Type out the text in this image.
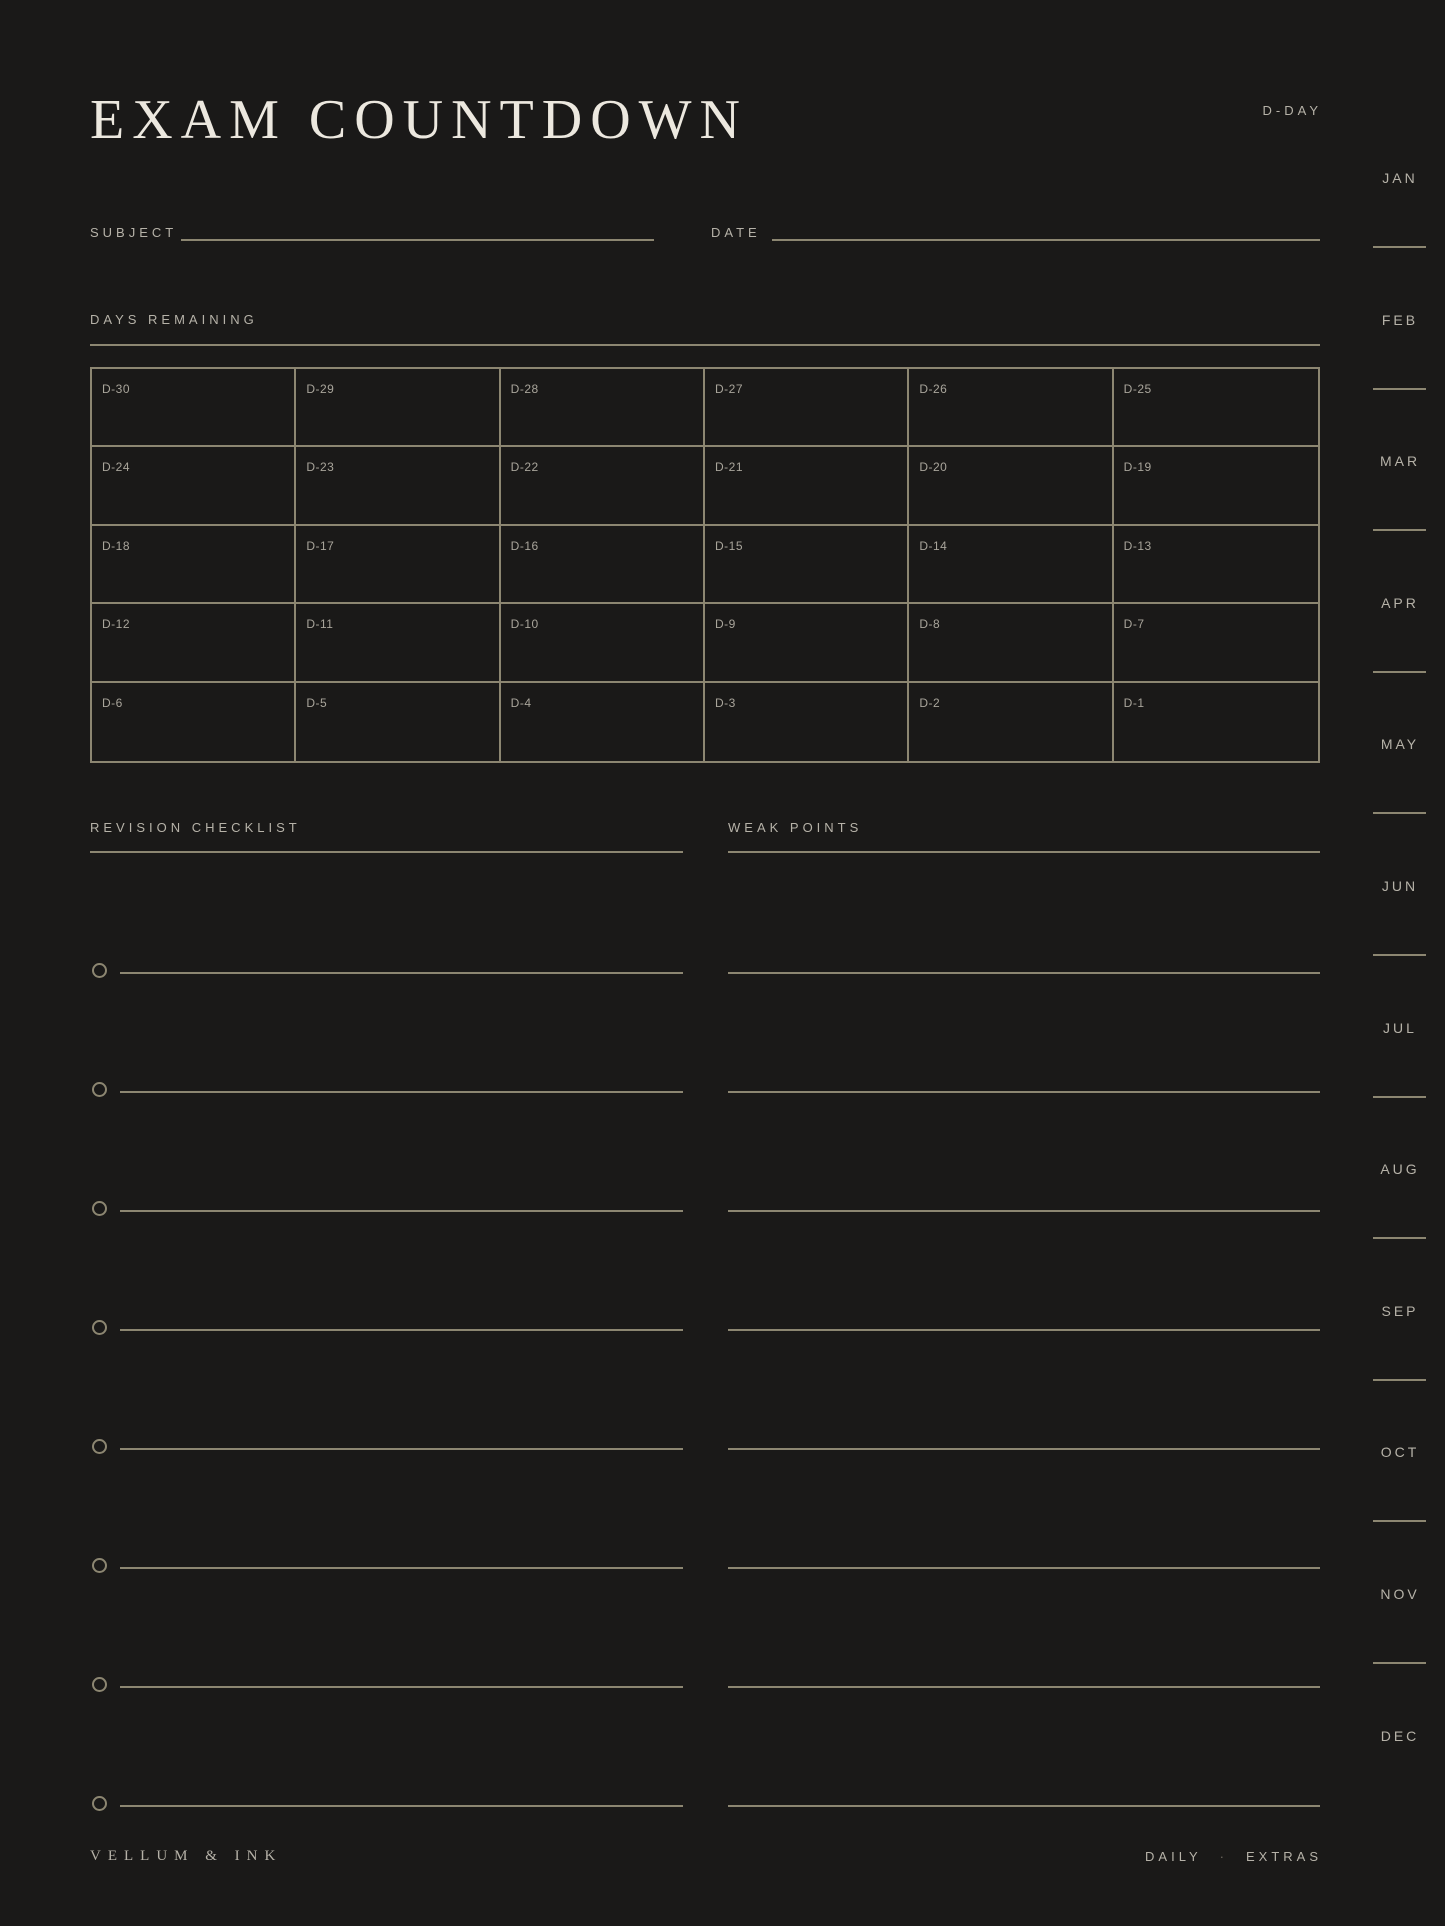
EXAM COUNTDOWN	D-DAY
SUBJECT	DATE
DAYS REMAINING
D-30	D-29	D-28	D-27	D-26	D-25
D-24	D-23	D-22	D-21	D-20	D-19
D-18	D-17	D-16	D-15	D-14	D-13
D-12	D-11	D-10	D-9	D-8	D-7
D-6	D-5	D-4	D-3	D-2	D-1
REVISION CHECKLIST	WEAK POINTS
JAN
FEB
MAR
APR
MAY
JUN
JUL
AUG
SEP
OCT
NOV
DEC
VELLUM & INK	DAILY · EXTRAS
